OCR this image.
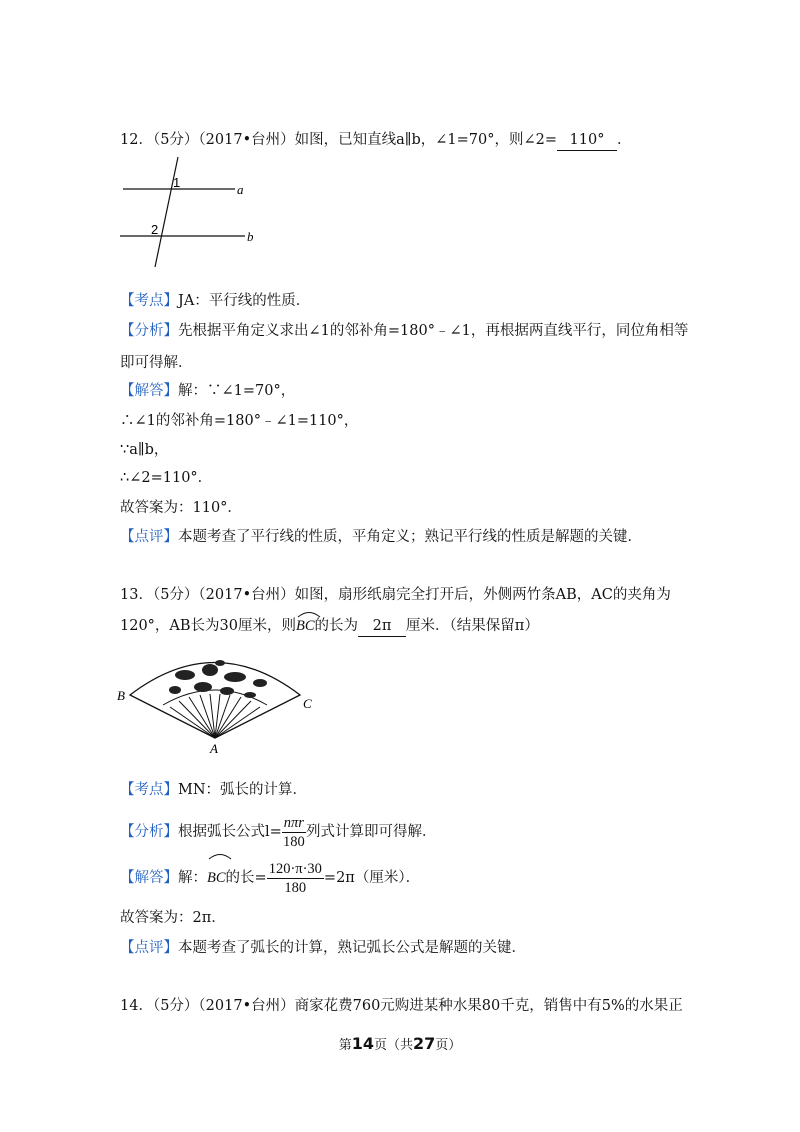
12．（5分）（2017•台州）如图，已知直线a∥b，∠1=70°，则∠2= 110° ．
1
2
a
b
【考点】JA：平行线的性质．
【分析】先根据平角定义求出∠1的邻补角=180°﹣∠1，再根据两直线平行，同位角相等
即可得解．
【解答】解：∵∠1=70°，
∴∠1的邻补角=180°﹣∠1=110°，
∵a∥b，
∴∠2=110°．
故答案为：110°．
【点评】本题考查了平行线的性质，平角定义；熟记平行线的性质是解题的关键．
13．（5分）（2017•台州）如图，扇形纸扇完全打开后，外侧两竹条AB，AC的夹角为
120°，AB长为30厘米，则
BC的长为 2π 厘米．（结果保留π）
B
C
A
【考点】MN：弧长的计算．
【分析】根据弧长公式$l= \frac{\text{nπr}}{180}$ 列式计算即可得解．
【解答】解：
BC的长= $\frac{120\cdot\pi\cdot 30}{180} =2\pi$（厘米）．
故答案为：2π．
【点评】本题考查了弧长的计算，熟记弧长公式是解题的关键．
14．（5分）（2017•台州）商家花费760元购进某种水果80千克，销售中有5%的水果正
第14页（共27页）
